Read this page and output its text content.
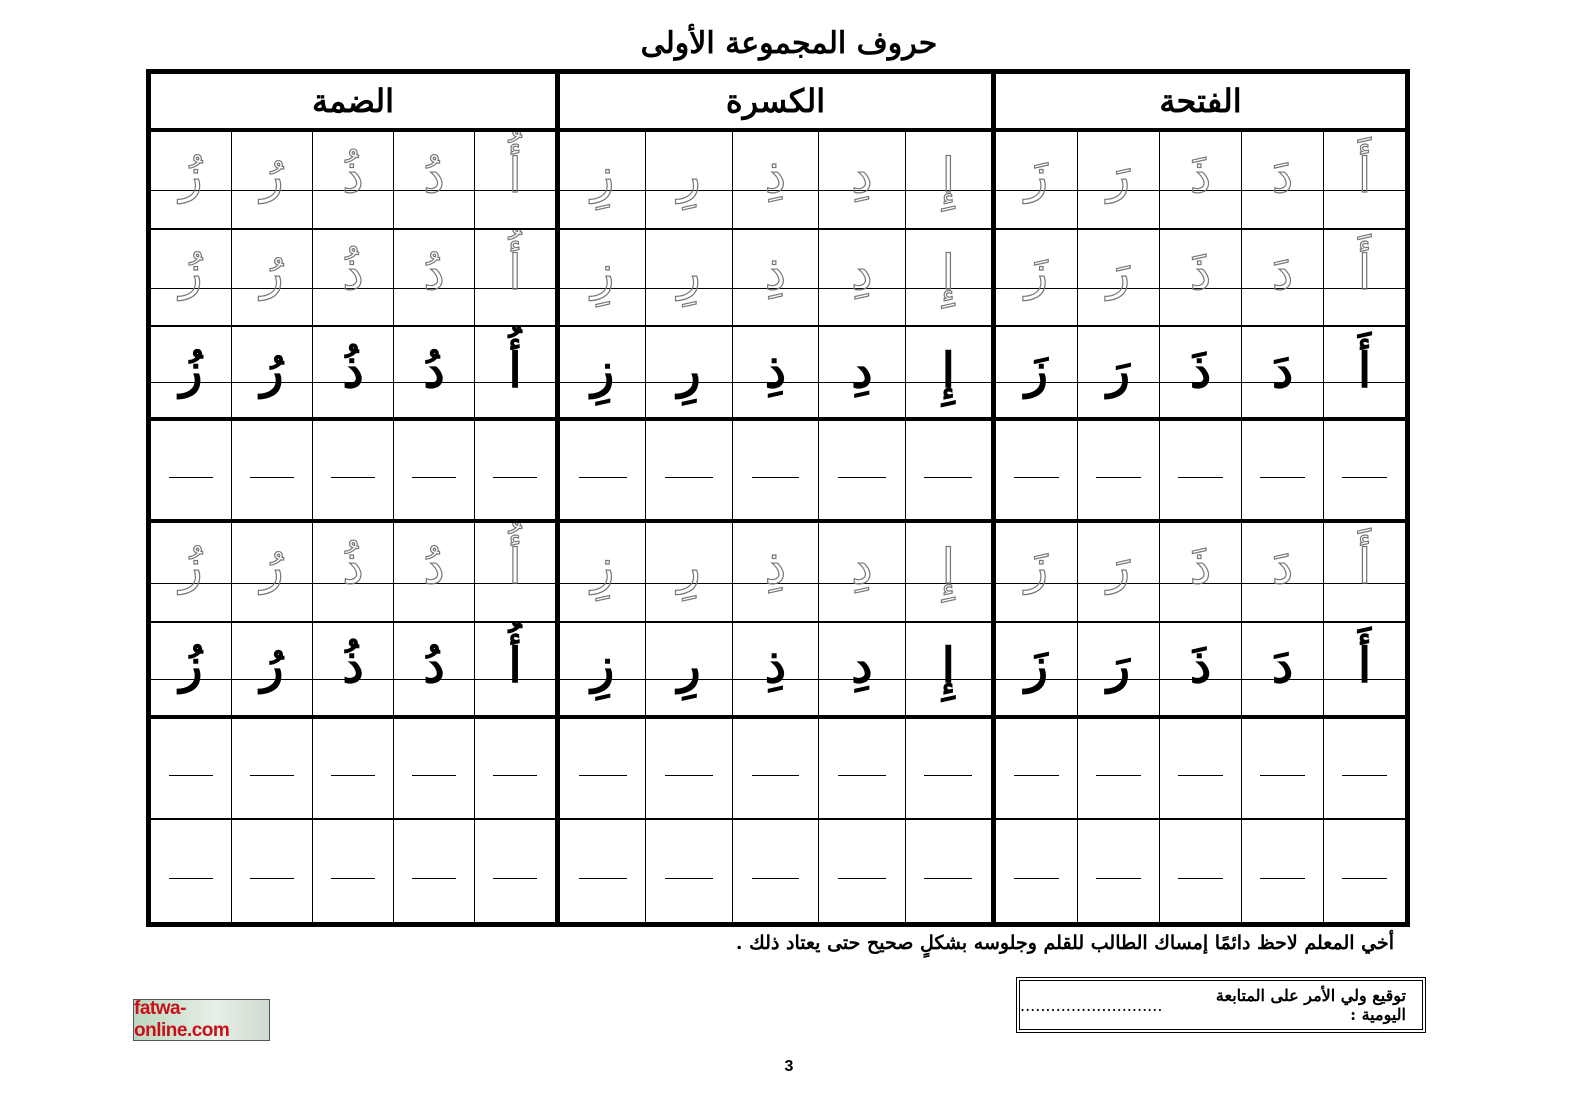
حروف المجموعة الأولى
الفتحة
أَ
دَ
ذَ
رَ
زَ
أَ
دَ
ذَ
رَ
زَ
أَ
دَ
ذَ
رَ
زَ
أَ
دَ
ذَ
رَ
زَ
أَ
دَ
ذَ
رَ
زَ
الكسرة
إِ
دِ
ذِ
رِ
زِ
إِ
دِ
ذِ
رِ
زِ
إِ
دِ
ذِ
رِ
زِ
إِ
دِ
ذِ
رِ
زِ
إِ
دِ
ذِ
رِ
زِ
الضمة
أُ
دُ
ذُ
رُ
زُ
أُ
دُ
ذُ
رُ
زُ
أُ
دُ
ذُ
رُ
زُ
أُ
دُ
ذُ
رُ
زُ
أُ
دُ
ذُ
رُ
زُ
أخي المعلم لاحظ دائمًا إمساك الطالب للقلم وجلوسه بشكلٍ صحيح حتى يعتاد ذلك .
توقيع ولي الأمر على المتابعة اليومية :
............................
fatwa-online.com
3
